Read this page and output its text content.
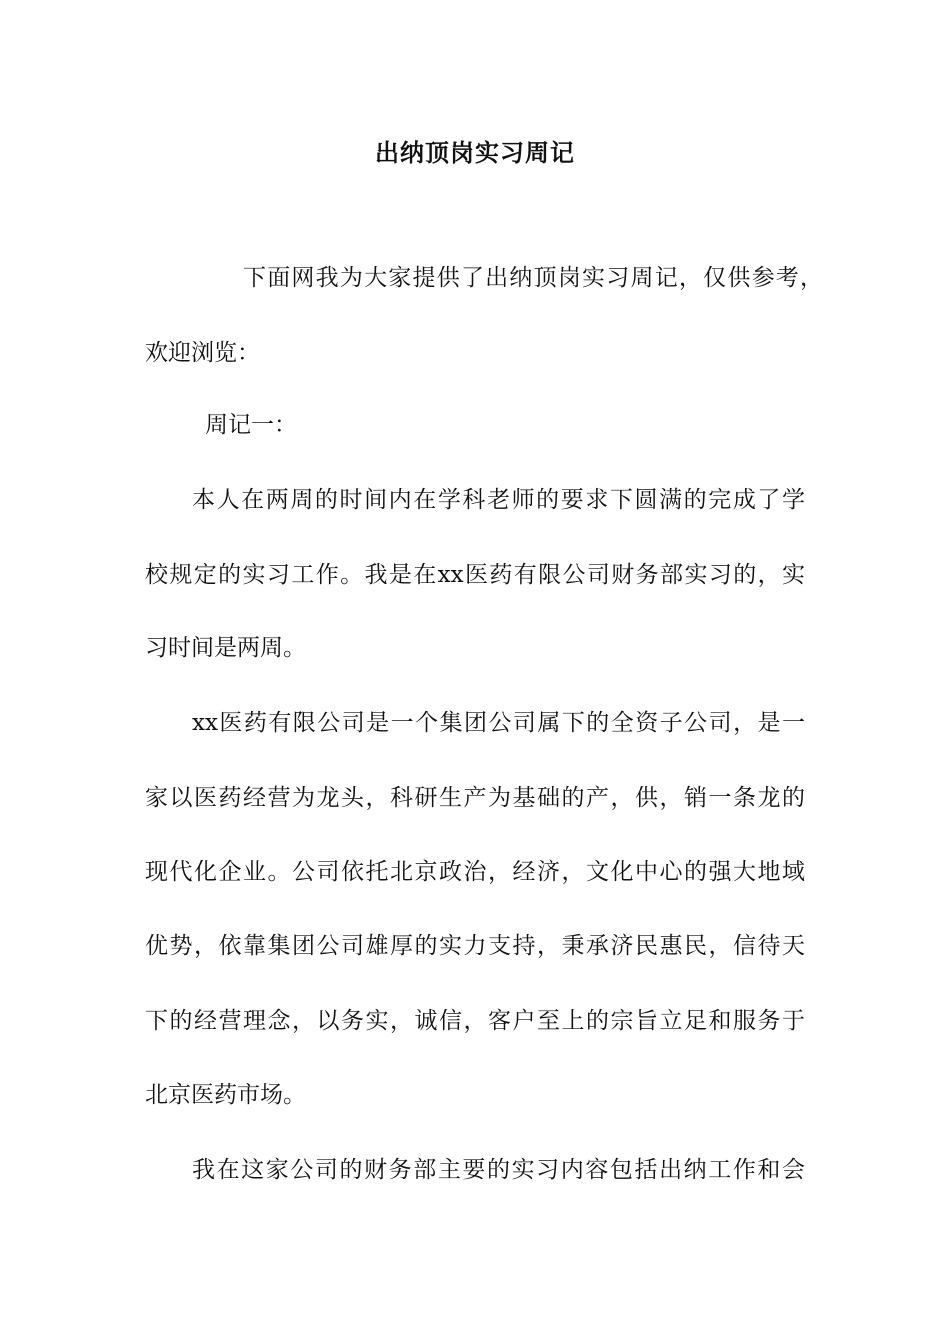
出纳顶岗实习周记
下面网我为大家提供了出纳顶岗实习周记，仅供参考，
欢迎浏览：
周记一：
本人在两周的时间内在学科老师的要求下圆满的完成了学
校规定的实习工作。我是在xx医药有限公司财务部实习的，实
习时间是两周。
xx医药有限公司是一个集团公司属下的全资子公司，是一
家以医药经营为龙头，科研生产为基础的产，供，销一条龙的
现代化企业。公司依托北京政治，经济，文化中心的强大地域
优势，依靠集团公司雄厚的实力支持，秉承济民惠民，信待天
下的经营理念，以务实，诚信，客户至上的宗旨立足和服务于
北京医药市场。
我在这家公司的财务部主要的实习内容包括出纳工作和会
